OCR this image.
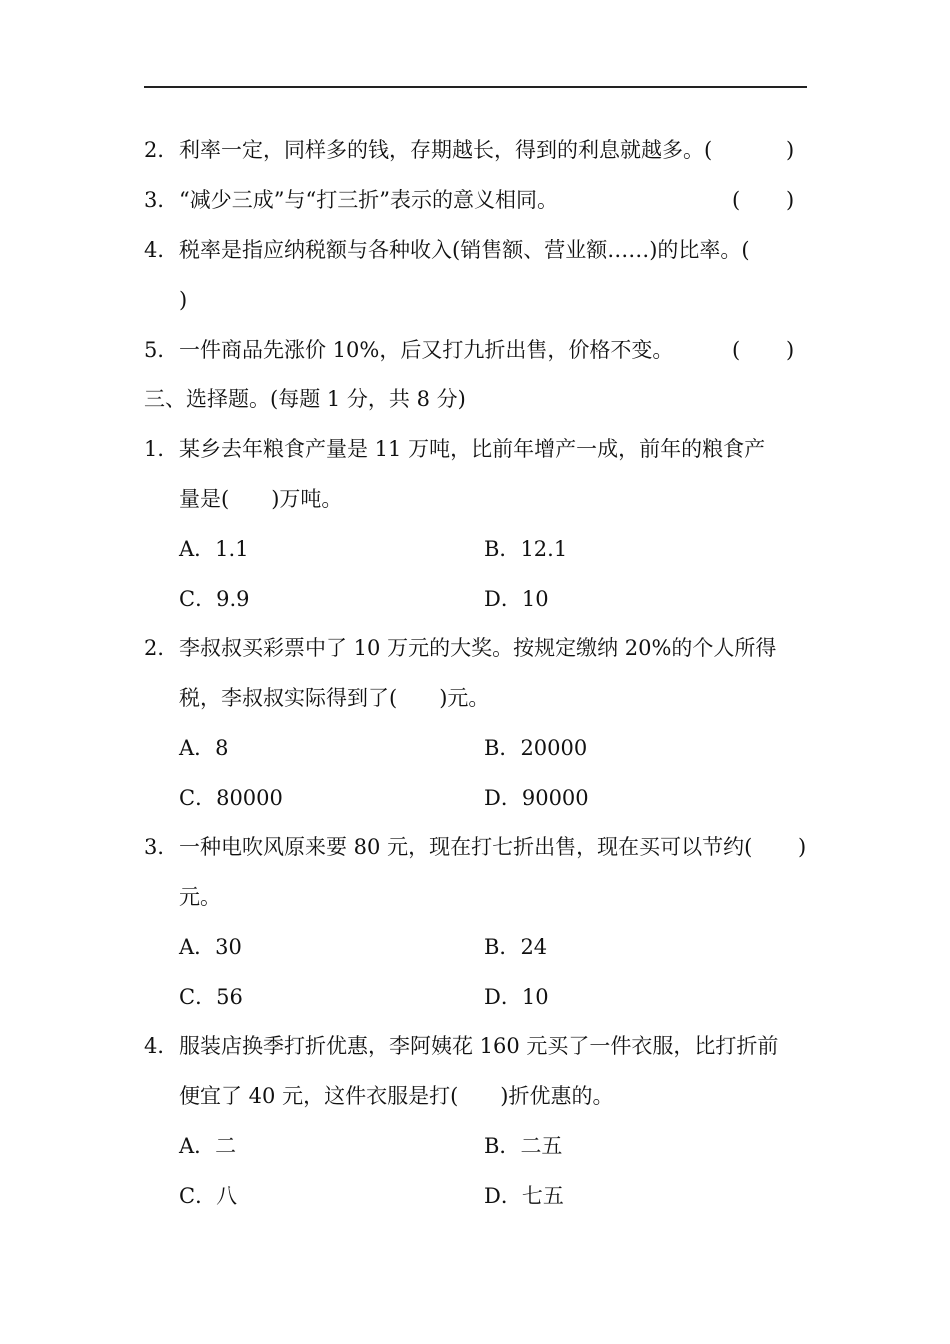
2． 利率一定，同样多的钱，存期越长，得到的利息就越多。(	)
3． “减少三成”与“打三折”表示的意义相同。	( )
4． 税率是指应纳税额与各种收入(销售额、营业额……)的比率。(
)
5． 一件商品先涨价 10%，后又打九折出售，价格不变。	( )
三、选择题。(每题 1 分，共 8 分)
1． 某乡去年粮食产量是 11 万吨，比前年增产一成，前年的粮食产
量是(　　)万吨。
A．1.1	B．12.1
C．9.9	D．10
2． 李叔叔买彩票中了 10 万元的大奖。按规定缴纳 20%的个人所得
税，李叔叔实际得到了(　　)元。
A．8	B．20000
C．80000	D．90000
3． 一种电吹风原来要 80 元，现在打七折出售，现在买可以节约( )
元。
A．30	B．24
C．56	D．10
4． 服装店换季打折优惠，李阿姨花 160 元买了一件衣服，比打折前
便宜了 40 元，这件衣服是打(　　)折优惠的。
A．二	B．二五
C．八	D．七五
